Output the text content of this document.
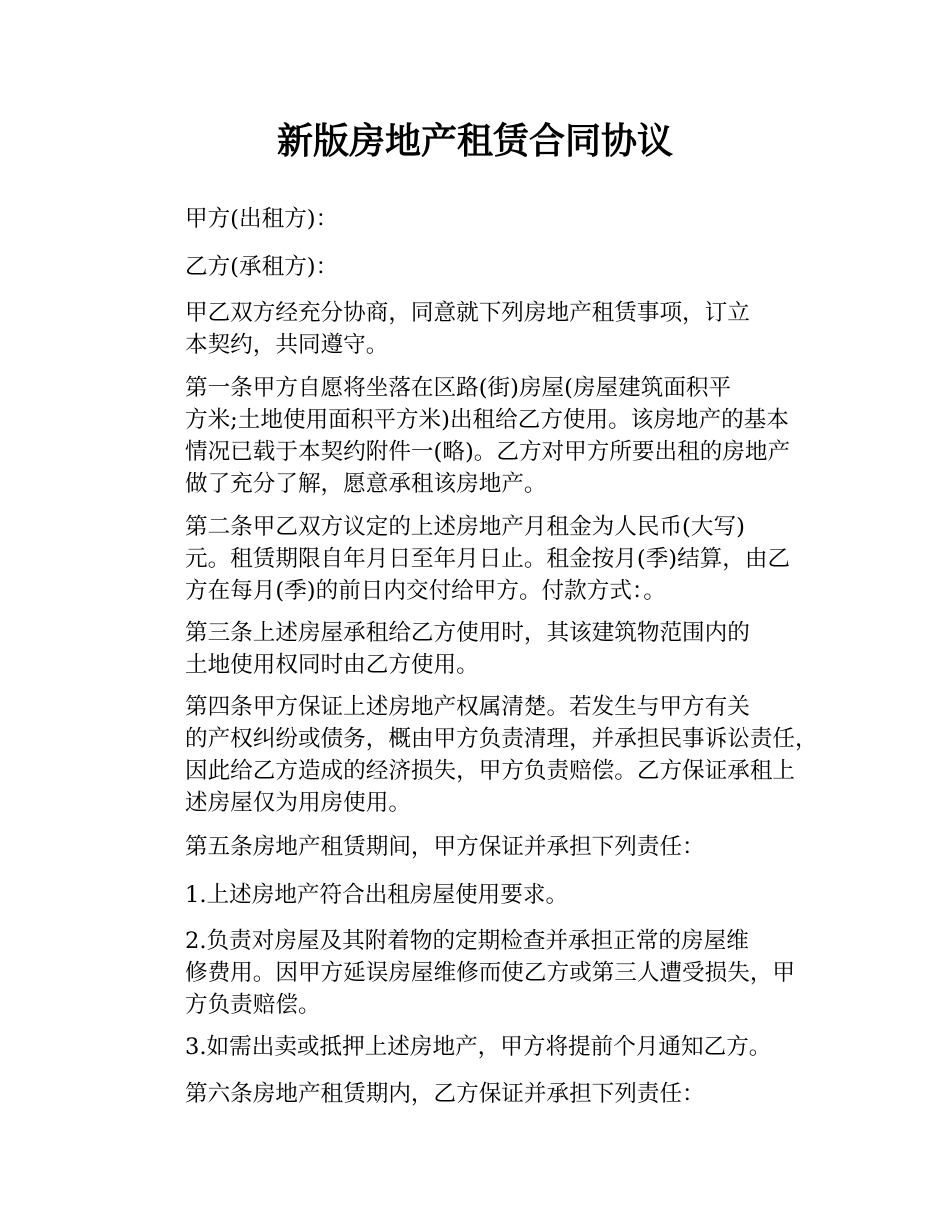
新版房地产租赁合同协议

甲方(出租方)：

乙方(承租方)：

甲乙双方经充分协商，同意就下列房地产租赁事项，订立
本契约，共同遵守。

第一条甲方自愿将坐落在区路(街)房屋(房屋建筑面积平
方米;土地使用面积平方米)出租给乙方使用。该房地产的基本
情况已载于本契约附件一(略)。乙方对甲方所要出租的房地产
做了充分了解，愿意承租该房地产。

第二条甲乙双方议定的上述房地产月租金为人民币(大写)
元。租赁期限自年月日至年月日止。租金按月(季)结算，由乙
方在每月(季)的前日内交付给甲方。付款方式：。

第三条上述房屋承租给乙方使用时，其该建筑物范围内的
土地使用权同时由乙方使用。

第四条甲方保证上述房地产权属清楚。若发生与甲方有关
的产权纠纷或债务，概由甲方负责清理，并承担民事诉讼责任，
因此给乙方造成的经济损失，甲方负责赔偿。乙方保证承租上
述房屋仅为用房使用。

第五条房地产租赁期间，甲方保证并承担下列责任：

1.上述房地产符合出租房屋使用要求。

2.负责对房屋及其附着物的定期检查并承担正常的房屋维
修费用。因甲方延误房屋维修而使乙方或第三人遭受损失，甲
方负责赔偿。

3.如需出卖或抵押上述房地产，甲方将提前个月通知乙方。

第六条房地产租赁期内，乙方保证并承担下列责任：
